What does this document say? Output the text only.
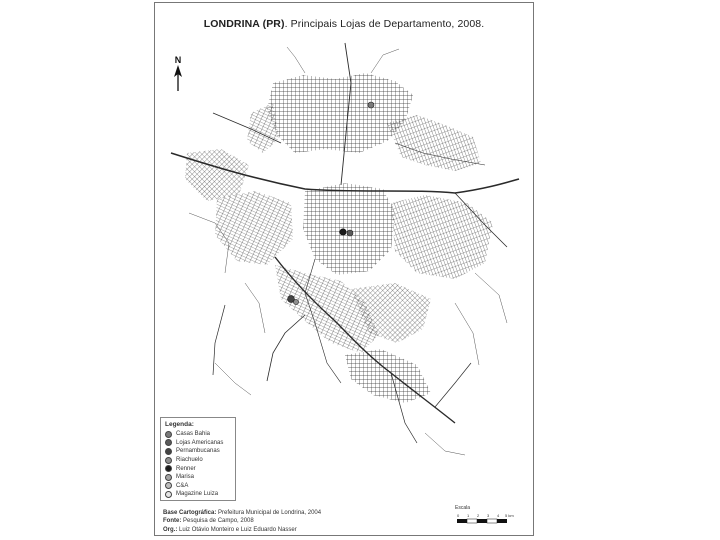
LONDRINA (PR). Principais Lojas de Departamento, 2008.
N
Legenda:
Casas Bahia
Lojas Americanas
Pernambucanas
Riachuelo
Renner
Marisa
C&A
Magazine Luiza
Escala
0 1 2 3 4 5 km
Base Cartográfica: Prefeitura Municipal de Londrina, 2004
Fonte: Pesquisa de Campo, 2008
Org.: Luiz Otávio Monteiro e Luiz Eduardo Nasser
